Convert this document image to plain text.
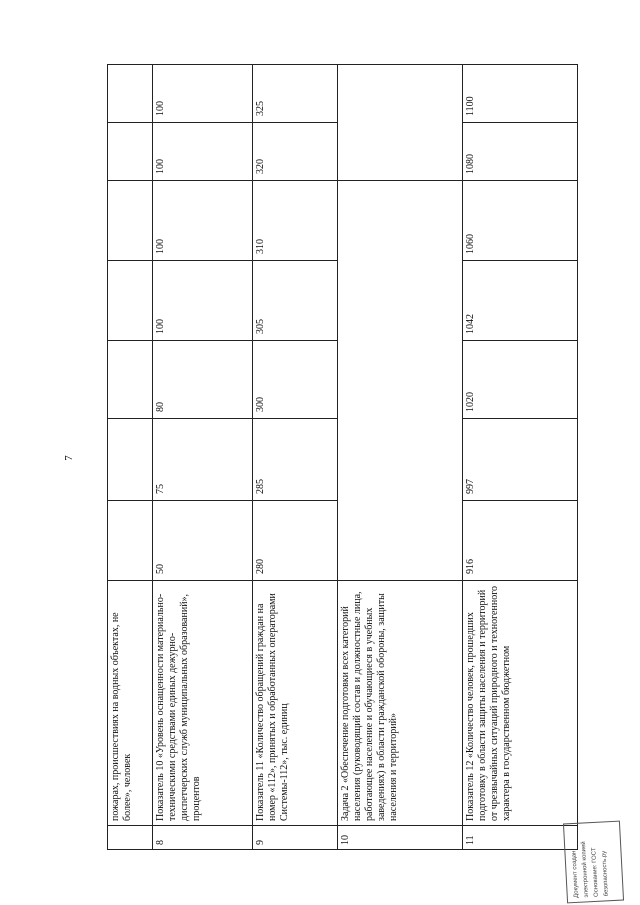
7
	пожарах, происшествиях на водных объектах, не более», человек							
8	Показатель 10 «Уровень оснащенности материально-техническими средствами единых дежурно-диспетчерских служб муниципальных образований», процентов	50	75	80	100	100	100	100
9	Показатель 11 «Количество обращений граждан на номер «112», принятых и обработанных операторами Системы-112», тыс. единиц	280	285	300	305	310	320	325
10	Задача 2 «Обеспечение подготовки всех категорий населения (руководящий состав и должностные лица, работающее население и обучающиеся в учебных заведениях) в области гражданской обороны, защиты населения и территорий»							
11	Показатель 12 «Количество человек, прошедших подготовку в области защиты населения и территорий от чрезвычайных ситуаций природного и техногенного характера в государственном бюджетном	916	997	1020	1042	1060	1080	1100
Документ создан электронной копией Основание: ГОСТ безопасность.ру
